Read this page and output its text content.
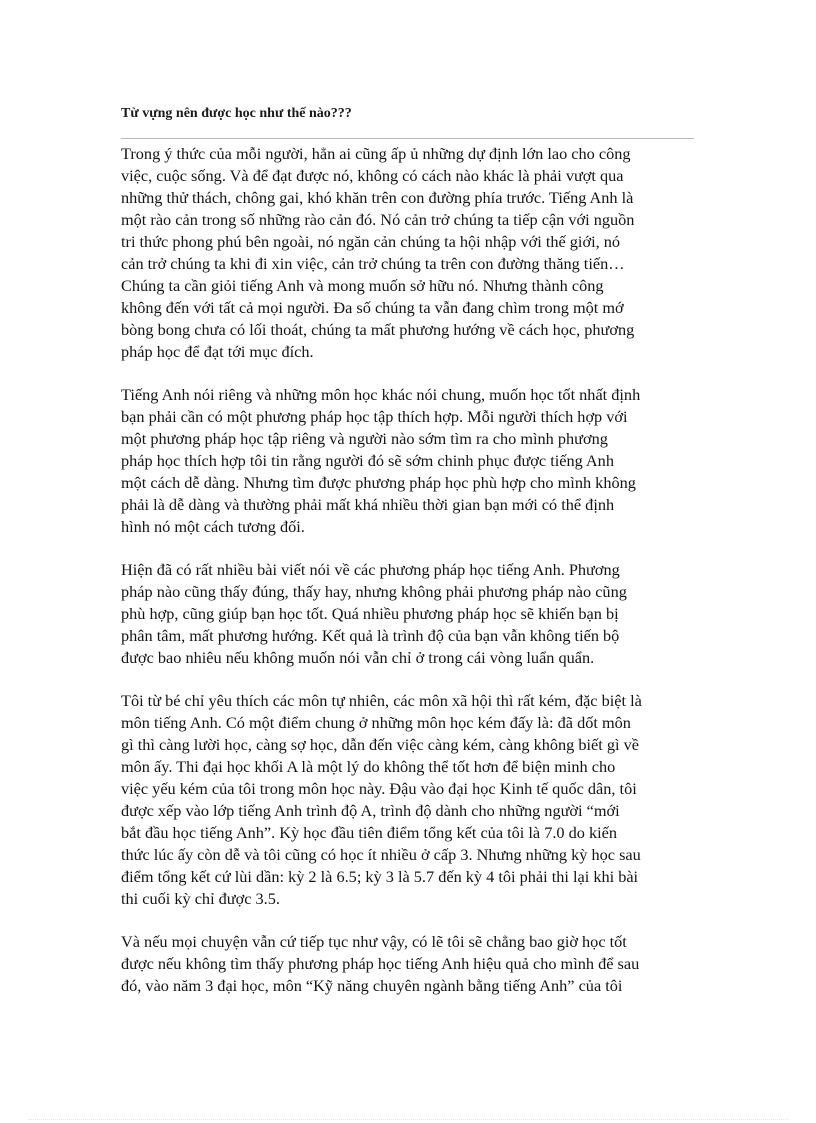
Từ vựng nên được học như thế nào???

Trong ý thức của mỗi người, hẳn ai cũng ấp ủ những dự định lớn lao cho công
việc, cuộc sống. Và để đạt được nó, không có cách nào khác là phải vượt qua
những thử thách, chông gai, khó khăn trên con đường phía trước. Tiếng Anh là
một rào cản trong số những rào cản đó. Nó cản trở chúng ta tiếp cận với nguồn
tri thức phong phú bên ngoài, nó ngăn cản chúng ta hội nhập với thế giới, nó
cản trở chúng ta khi đi xin việc, cản trở chúng ta trên con đường thăng tiến…
Chúng ta cần giỏi tiếng Anh và mong muốn sở hữu nó. Nhưng thành công
không đến với tất cả mọi người. Đa số chúng ta vẫn đang chìm trong một mớ
bòng bong chưa có lối thoát, chúng ta mất phương hướng về cách học, phương
pháp học để đạt tới mục đích.

Tiếng Anh nói riêng và những môn học khác nói chung, muốn học tốt nhất định
bạn phải cần có một phương pháp học tập thích hợp. Mỗi người thích hợp với
một phương pháp học tập riêng và người nào sớm tìm ra cho mình phương
pháp học thích hợp tôi tin rằng người đó sẽ sớm chinh phục được tiếng Anh
một cách dễ dàng. Nhưng tìm được phương pháp học phù hợp cho mình không
phải là dễ dàng và thường phải mất khá nhiều thời gian bạn mới có thể định
hình nó một cách tương đối.

Hiện đã có rất nhiều bài viết nói về các phương pháp học tiếng Anh. Phương
pháp nào cũng thấy đúng, thấy hay, nhưng không phải phương pháp nào cũng
phù hợp, cũng giúp bạn học tốt. Quá nhiều phương pháp học sẽ khiến bạn bị
phân tâm, mất phương hướng. Kết quả là trình độ của bạn vẫn không tiến bộ
được bao nhiêu nếu không muốn nói vẫn chỉ ở trong cái vòng luẩn quẩn.

Tôi từ bé chỉ yêu thích các môn tự nhiên, các môn xã hội thì rất kém, đặc biệt là
môn tiếng Anh. Có một điểm chung ở những môn học kém đấy là: đã dốt môn
gì thì càng lười học, càng sợ học, dẫn đến việc càng kém, càng không biết gì về
môn ấy. Thi đại học khối A là một lý do không thể tốt hơn để biện minh cho
việc yếu kém của tôi trong môn học này. Đậu vào đại học Kinh tế quốc dân, tôi
được xếp vào lớp tiếng Anh trình độ A, trình độ dành cho những người “mới
bắt đầu học tiếng Anh”. Kỳ học đầu tiên điểm tổng kết của tôi là 7.0 do kiến
thức lúc ấy còn dễ và tôi cũng có học ít nhiều ở cấp 3. Nhưng những kỳ học sau
điểm tổng kết cứ lùi dần: kỳ 2 là 6.5; kỳ 3 là 5.7 đến kỳ 4 tôi phải thi lại khi bài
thi cuối kỳ chỉ được 3.5.

Và nếu mọi chuyện vẫn cứ tiếp tục như vậy, có lẽ tôi sẽ chẳng bao giờ học tốt
được nếu không tìm thấy phương pháp học tiếng Anh hiệu quả cho mình để sau
đó, vào năm 3 đại học, môn “Kỹ năng chuyên ngành bằng tiếng Anh” của tôi
